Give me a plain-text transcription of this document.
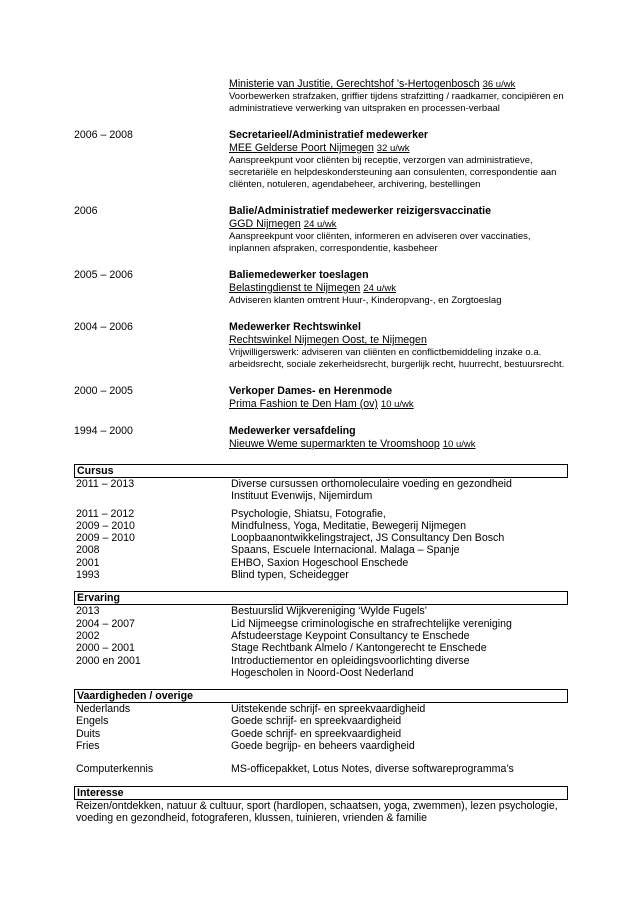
Ministerie van Justitie, Gerechtshof ’s-Hertogenbosch 36 u/wk
Voorbewerken strafzaken, griffier tijdens strafzitting / raadkamer, concipiëren en administratieve verwerking van uitspraken en processen-verbaal
2006 – 2008	Secretarieel/Administratief medewerker
MEE Gelderse Poort Nijmegen 32 u/wk
Aanspreekpunt voor cliënten bij receptie, verzorgen van administratieve, secretariële en helpdeskondersteuning aan consulenten, correspondentie aan cliënten, notuleren, agendabeheer, archivering, bestellingen
2006	Balie/Administratief medewerker reizigersvaccinatie
GGD Nijmegen 24 u/wk
Aanspreekpunt voor cliënten, informeren en adviseren over vaccinaties, inplannen afspraken, correspondentie, kasbeheer
2005 – 2006	Baliemedewerker toeslagen
Belastingdienst te Nijmegen 24 u/wk
Adviseren klanten omtrent Huur-, Kinderopvang-, en Zorgtoeslag
2004 – 2006	Medewerker Rechtswinkel
Rechtswinkel Nijmegen Oost, te Nijmegen
Vrijwilligerswerk: adviseren van cliënten en conflictbemiddeling inzake o.a. arbeidsrecht, sociale zekerheidsrecht, burgerlijk recht, huurrecht, bestuursrecht.
2000 – 2005	Verkoper Dames- en Herenmode
Prima Fashion te Den Ham (ov) 10 u/wk
1994 – 2000	Medewerker versafdeling
Nieuwe Weme supermarkten te Vroomshoop 10 u/wk
Cursus
2011 – 2013	Diverse cursussen orthomoleculaire voeding en gezondheid
Instituut Evenwijs, Nijemirdum
2011 – 2012	Psychologie, Shiatsu, Fotografie,
2009 – 2010	Mindfulness, Yoga, Meditatie, Bewegerij Nijmegen
2009 – 2010	Loopbaanontwikkelingstraject, JS Consultancy Den Bosch
2008	Spaans, Escuele Internacional. Malaga – Spanje
2001	EHBO, Saxion Hogeschool Enschede
1993	Blind typen, Scheidegger
Ervaring
2013	Bestuurslid Wijkvereniging ‘Wylde Fugels’
2004 – 2007	Lid Nijmeegse criminologische en strafrechtelijke vereniging
2002	Afstudeerstage Keypoint Consultancy te Enschede
2000 – 2001	Stage Rechtbank Almelo / Kantongerecht te Enschede
2000 en 2001	Introductiementor en opleidingsvoorlichting diverse
Hogescholen in Noord-Oost Nederland
Vaardigheden / overige
Nederlands	Uitstekende schrijf- en spreekvaardigheid
Engels	Goede schrijf- en spreekvaardigheid
Duits	Goede schrijf- en spreekvaardigheid
Fries	Goede begrijp- en beheers vaardigheid
Computerkennis	MS-officepakket, Lotus Notes, diverse softwareprogramma’s
Interesse
Reizen/ontdekken, natuur & cultuur, sport (hardlopen, schaatsen, yoga, zwemmen), lezen psychologie, voeding en gezondheid, fotograferen, klussen, tuinieren, vrienden & familie
